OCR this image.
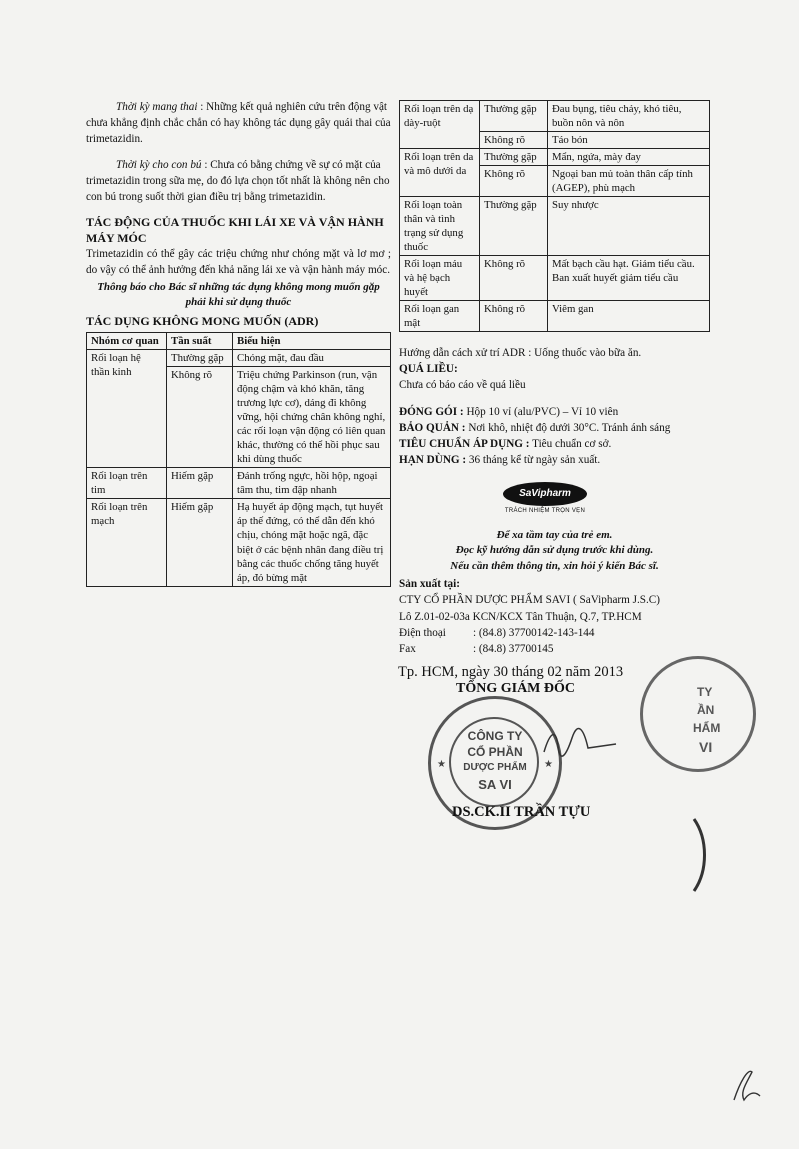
Thời kỳ mang thai : Những kết quả nghiên cứu trên động vật chưa khẳng định chắc chắn có hay không tác dụng gây quái thai của trimetazidin.

Thời kỳ cho con bú : Chưa có bằng chứng về sự có mặt của trimetazidin trong sữa mẹ, do đó lựa chọn tốt nhất là không nên cho con bú trong suốt thời gian điều trị bằng trimetazidin.

TÁC ĐỘNG CỦA THUỐC KHI LÁI XE VÀ VẬN HÀNH MÁY MÓC

Trimetazidin có thể gây các triệu chứng như chóng mặt và lơ mơ ; do vậy có thể ảnh hưởng đến khả năng lái xe và vận hành máy móc.

Thông báo cho Bác sĩ những tác dụng không mong muốn gặp phải khi sử dụng thuốc
TÁC DỤNG KHÔNG MONG MUỐN (ADR)
Nhóm cơ quan	Tần suất	Biểu hiện
Rối loạn hệ thần kinh	Thường gặp	Chóng mặt, đau đầu
	Không rõ	Triệu chứng Parkinson (run, vận động chậm và khó khăn, tăng trương lực cơ), dáng đi không vững, hội chứng chân không nghỉ, các rối loạn vận động có liên quan khác, thường có thể hồi phục sau khi dùng thuốc
Rối loạn trên tim	Hiếm gặp	Đánh trống ngực, hồi hộp, ngoại tâm thu, tim đập nhanh
Rối loạn trên mạch	Hiếm gặp	Hạ huyết áp động mạch, tụt huyết áp thế đứng, có thể dẫn đến khó chịu, chóng mặt hoặc ngã, đặc biệt ở các bệnh nhân đang điều trị bằng các thuốc chống tăng huyết áp, đỏ bừng mặt
Rối loạn trên dạ dày-ruột	Thường gặp	Đau bụng, tiêu chảy, khó tiêu, buồn nôn và nôn
	Không rõ	Táo bón
Rối loạn trên da và mô dưới da	Thường gặp	Mẩn, ngứa, mày đay
	Không rõ	Ngoại ban mủ toàn thân cấp tính (AGEP), phù mạch
Rối loạn toàn thân và tình trạng sử dụng thuốc	Thường gặp	Suy nhược
Rối loạn máu và hệ bạch huyết	Không rõ	Mất bạch cầu hạt. Giảm tiểu cầu. Ban xuất huyết giảm tiểu cầu
Rối loạn gan mật	Không rõ	Viêm gan

Hướng dẫn cách xử trí ADR : Uống thuốc vào bữa ăn.

QUÁ LIỀU:

Chưa có báo cáo về quá liều

ĐÓNG GÓI : Hộp 10 vỉ (alu/PVC) – Vỉ 10 viên

BẢO QUẢN : Nơi khô, nhiệt độ dưới 30°C. Tránh ánh sáng

TIÊU CHUẨN ÁP DỤNG : Tiêu chuẩn cơ sở.

HẠN DÙNG : 36 tháng kể từ ngày sản xuất.

SaVipharm
TRÁCH NHIỆM TRỌN VẸN
Để xa tầm tay của trẻ em.
Đọc kỹ hướng dẫn sử dụng trước khi dùng.
Nếu cần thêm thông tin, xin hỏi ý kiến Bác sĩ.
Sản xuất tại:
CTY CỔ PHẦN DƯỢC PHẨM SAVI ( SaVipharm J.S.C)
Lô Z.01-02-03a KCN/KCX Tân Thuận, Q.7, TP.HCM
Điện thoại	: (84.8) 37700142-143-144
Fax	: (84.8) 37700145
TY
ẦN
HẨM
VI
Tp. HCM, ngày 30 tháng 02 năm 2013
TỔNG GIÁM ĐỐC
CÔNG TY
CỔ PHẦN
DƯỢC PHẨM
SA VI
★	★
DS.CK.II TRẦN TỰU
